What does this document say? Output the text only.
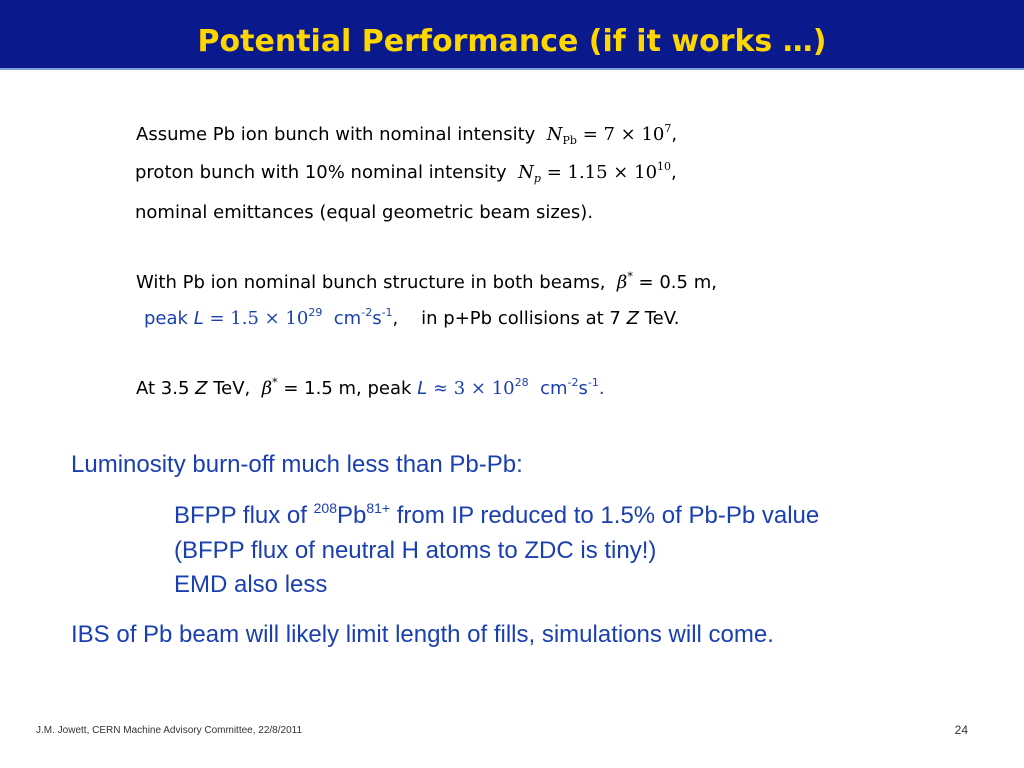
Potential Performance (if it works …)
Assume Pb ion bunch with nominal intensity $N_{Pb} = 7 \times 10^7$,
proton bunch with 10% nominal intensity $N_p = 1.15 \times 10^{10}$,
nominal emittances (equal geometric beam sizes).
With Pb ion nominal bunch structure in both beams, β* = 0.5 m,
peak $L = 1.5 \times 10^{29}$ $cm^{-2}s^{-1}$, in p+Pb collisions at 7 Z TeV.
At 3.5 Z TeV, β* = 1.5 m, peak $L \approx 3 \times 10^{28}$ $cm^{-2}s^{-1}$.
Luminosity burn-off much less than Pb-Pb:
BFPP flux of $^{208}Pb^{81+}$ from IP reduced to 1.5% of Pb-Pb value
(BFPP flux of neutral H atoms to ZDC is tiny!)
EMD also less
IBS of Pb beam will likely limit length of fills, simulations will come.
J.M. Jowett, CERN Machine Advisory Committee, 22/8/2011	24
